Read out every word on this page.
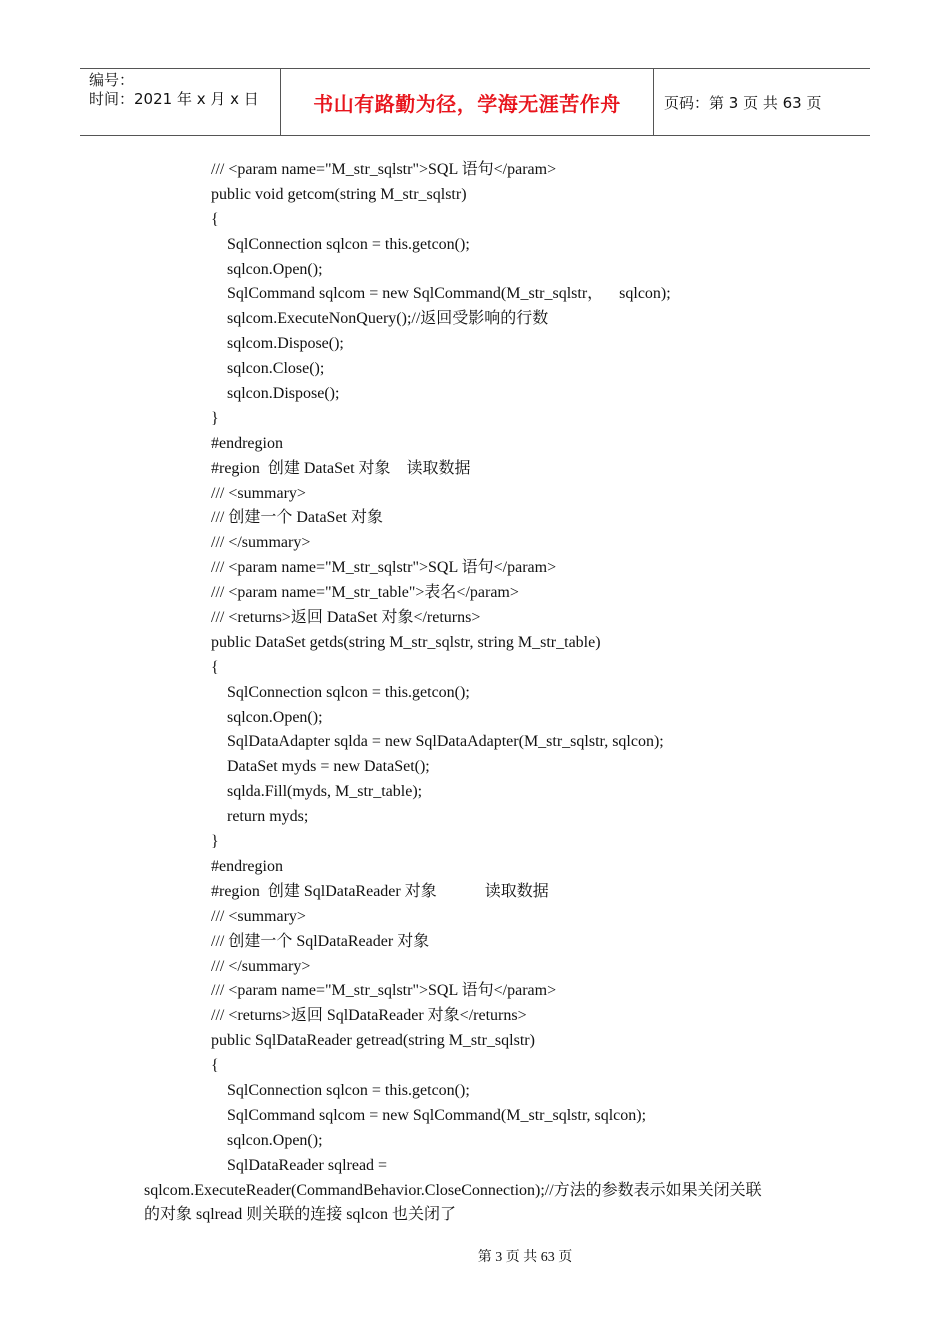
编号：
时间：2021 年 x 月 x 日	书山有路勤为径，学海无涯苦作舟	页码：第 3 页 共 63 页
/// <param name="M_str_sqlstr">SQL 语句</param>
public void getcom(string M_str_sqlstr)
{
SqlConnection sqlcon = this.getcon();
sqlcon.Open();
SqlCommand sqlcom = new SqlCommand(M_str_sqlstr，    sqlcon);
sqlcom.ExecuteNonQuery();//返回受影响的行数
sqlcom.Dispose();
sqlcon.Close();
sqlcon.Dispose();
}
#endregion
#region  创建 DataSet 对象    读取数据
/// <summary>
/// 创建一个 DataSet 对象
/// </summary>
/// <param name="M_str_sqlstr">SQL 语句</param>
/// <param name="M_str_table">表名</param>
/// <returns>返回 DataSet 对象</returns>
public DataSet getds(string M_str_sqlstr, string M_str_table)
{
SqlConnection sqlcon = this.getcon();
sqlcon.Open();
SqlDataAdapter sqlda = new SqlDataAdapter(M_str_sqlstr, sqlcon);
DataSet myds = new DataSet();
sqlda.Fill(myds, M_str_table);
return myds;
}
#endregion
#region  创建 SqlDataReader 对象            读取数据
/// <summary>
/// 创建一个 SqlDataReader 对象
/// </summary>
/// <param name="M_str_sqlstr">SQL 语句</param>
/// <returns>返回 SqlDataReader 对象</returns>
public SqlDataReader getread(string M_str_sqlstr)
{
SqlConnection sqlcon = this.getcon();
SqlCommand sqlcom = new SqlCommand(M_str_sqlstr, sqlcon);
sqlcon.Open();
SqlDataReader sqlread =
sqlcom.ExecuteReader(CommandBehavior.CloseConnection);//方法的参数表示如果关闭关联
的对象 sqlread 则关联的连接 sqlcon 也关闭了
第 3 页 共 63 页
